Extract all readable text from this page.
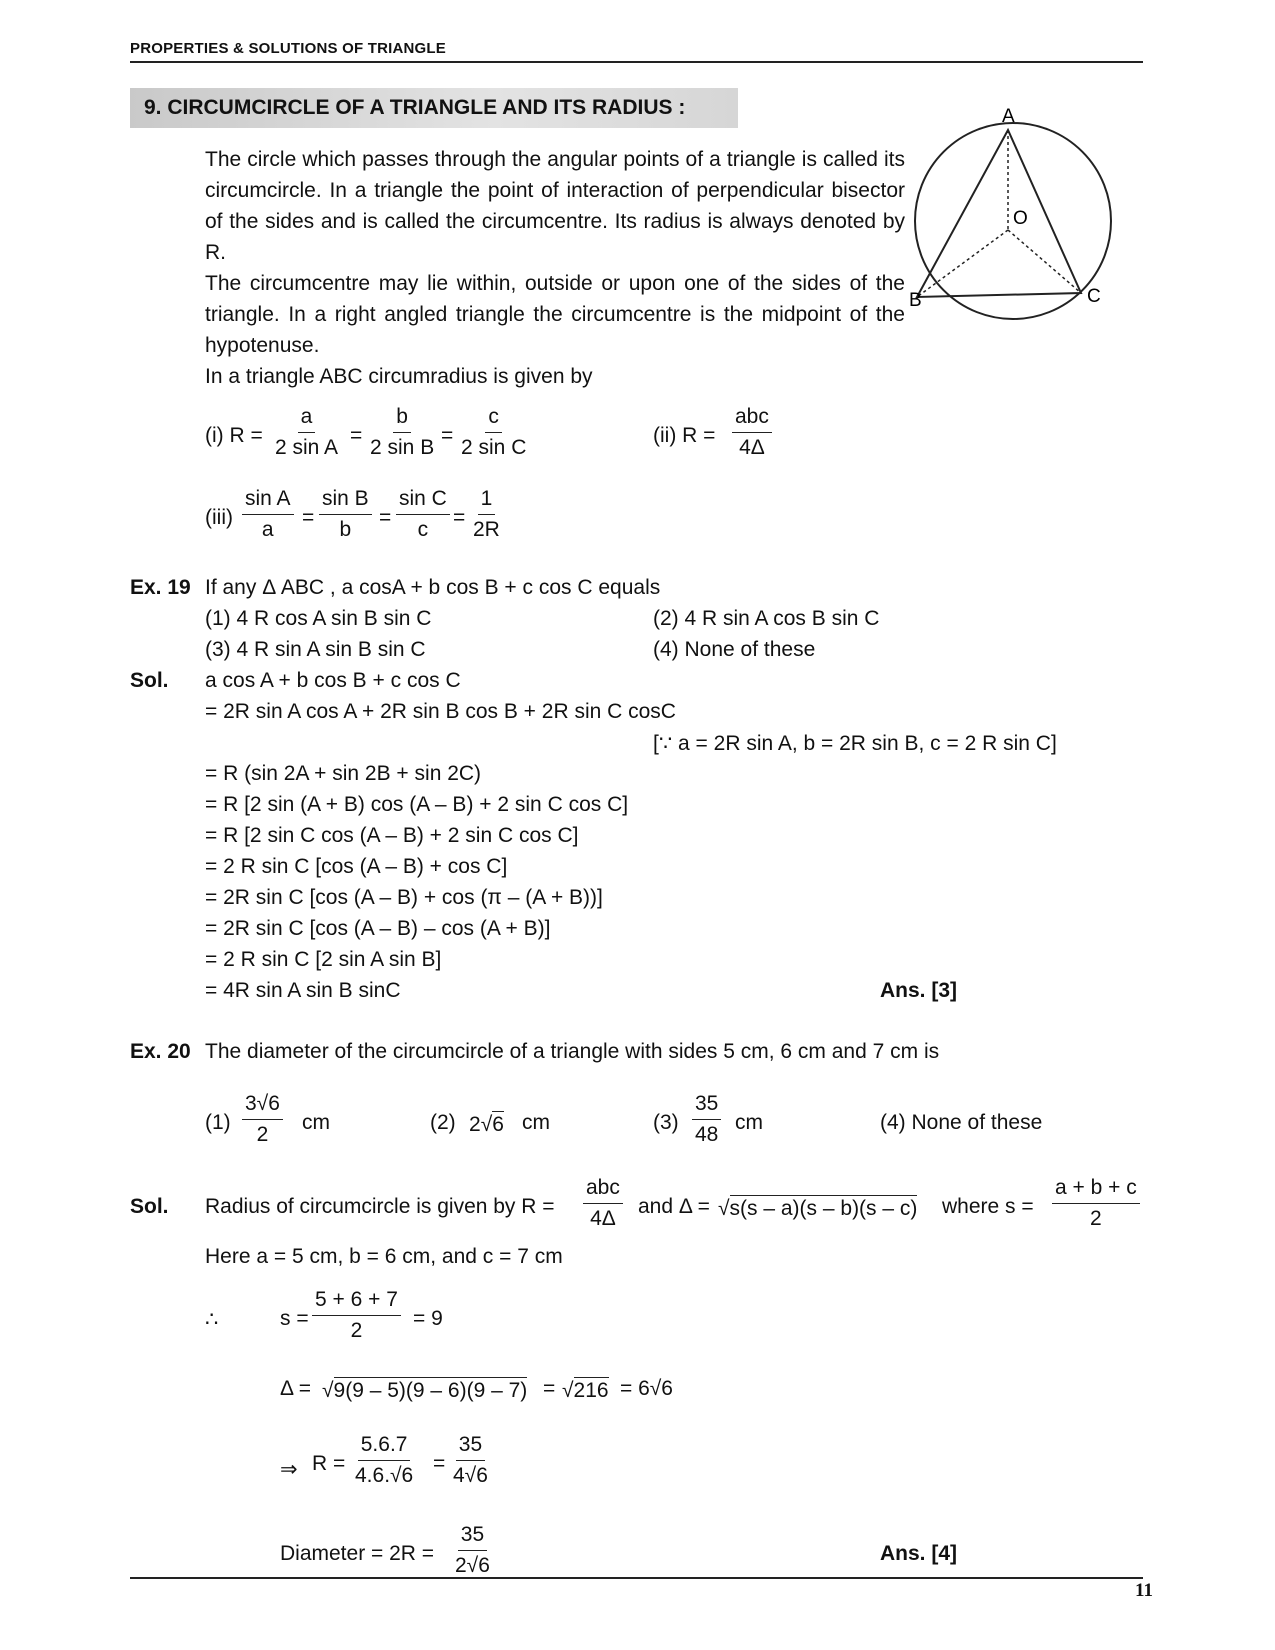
PROPERTIES & SOLUTIONS OF TRIANGLE
9. CIRCUMCIRCLE OF A TRIANGLE AND ITS RADIUS :

The circle which passes through the angular points of a triangle is called its circumcircle. In a triangle the point of interaction of perpendicular bisector of the sides and is called the circumcentre. Its radius is always denoted by R.

The circumcentre may lie within, outside or upon one of the sides of the triangle. In a right angled triangle the circumcentre is the midpoint of the hypotenuse.

In a triangle ABC circumradius is given by

A
B	C
O
(i) $R = \frac{a}{\text{2 sin A}} = \frac{b}{\text{2 sin B}} = \frac{c}{\text{2 sin C}}$	(ii) R =
abc
4Δ
$(iii) \frac{\text{sin A}}{a} = \frac{\text{sin B}}{b} = \frac{\text{sin C}}{c} = \frac{1}{2R}$
Ex. 19 If any Δ ABC , a cosA + b cos B + c cos C equals
(1) 4 R cos A sin B sin C	(2) 4 R sin A cos B sin C
(3) 4 R sin A sin B sin C	(4) None of these
Sol. a cos A + b cos B + c cos C
= 2R sin A cos A + 2R sin B cos B + 2R sin C cosC
[∵ a = 2R sin A, b = 2R sin B, c = 2 R sin C]
= R (sin 2A + sin 2B + sin 2C)
= R [2 sin (A + B) cos (A – B) + 2 sin C cos C]
= R [2 sin C cos (A – B) + 2 sin C cos C]
= 2 R sin C [cos (A – B) + cos C]
= 2R sin C [cos (A – B) + cos (π – (A + B))]
= 2R sin C [cos (A – B) – cos (A + B)]
= 2 R sin C [2 sin A sin B]
= 4R sin A sin B sinC	Ans. [3]
Ex. 20 The diameter of the circumcircle of a triangle with sides 5 cm, 6 cm and 7 cm is
$(1) \frac{3√6}{2}$ cm	(2) 2√6 cm	$(3) \frac{35}{48}$ cm	(4) None of these
Sol. Radius of circumcircle is given by R =
abc
4Δ
and Δ = √s(s – a)(s – b)(s – c) where $s = \frac{a + b + c}{2}$
Here a = 5 cm, b = 6 cm, and c = 7 cm
∴	$s = \frac{5 + 6 + 7}{2} = 9$
Δ = √9(9 – 5)(9 – 6)(9 – 7) = √216 = 6√6
⇒ $R = \frac{5.6.7}{4.6.√6} = \frac{35}{4√6}$
Diameter = $2R = \frac{35}{2√6}$	Ans. [4]
11
